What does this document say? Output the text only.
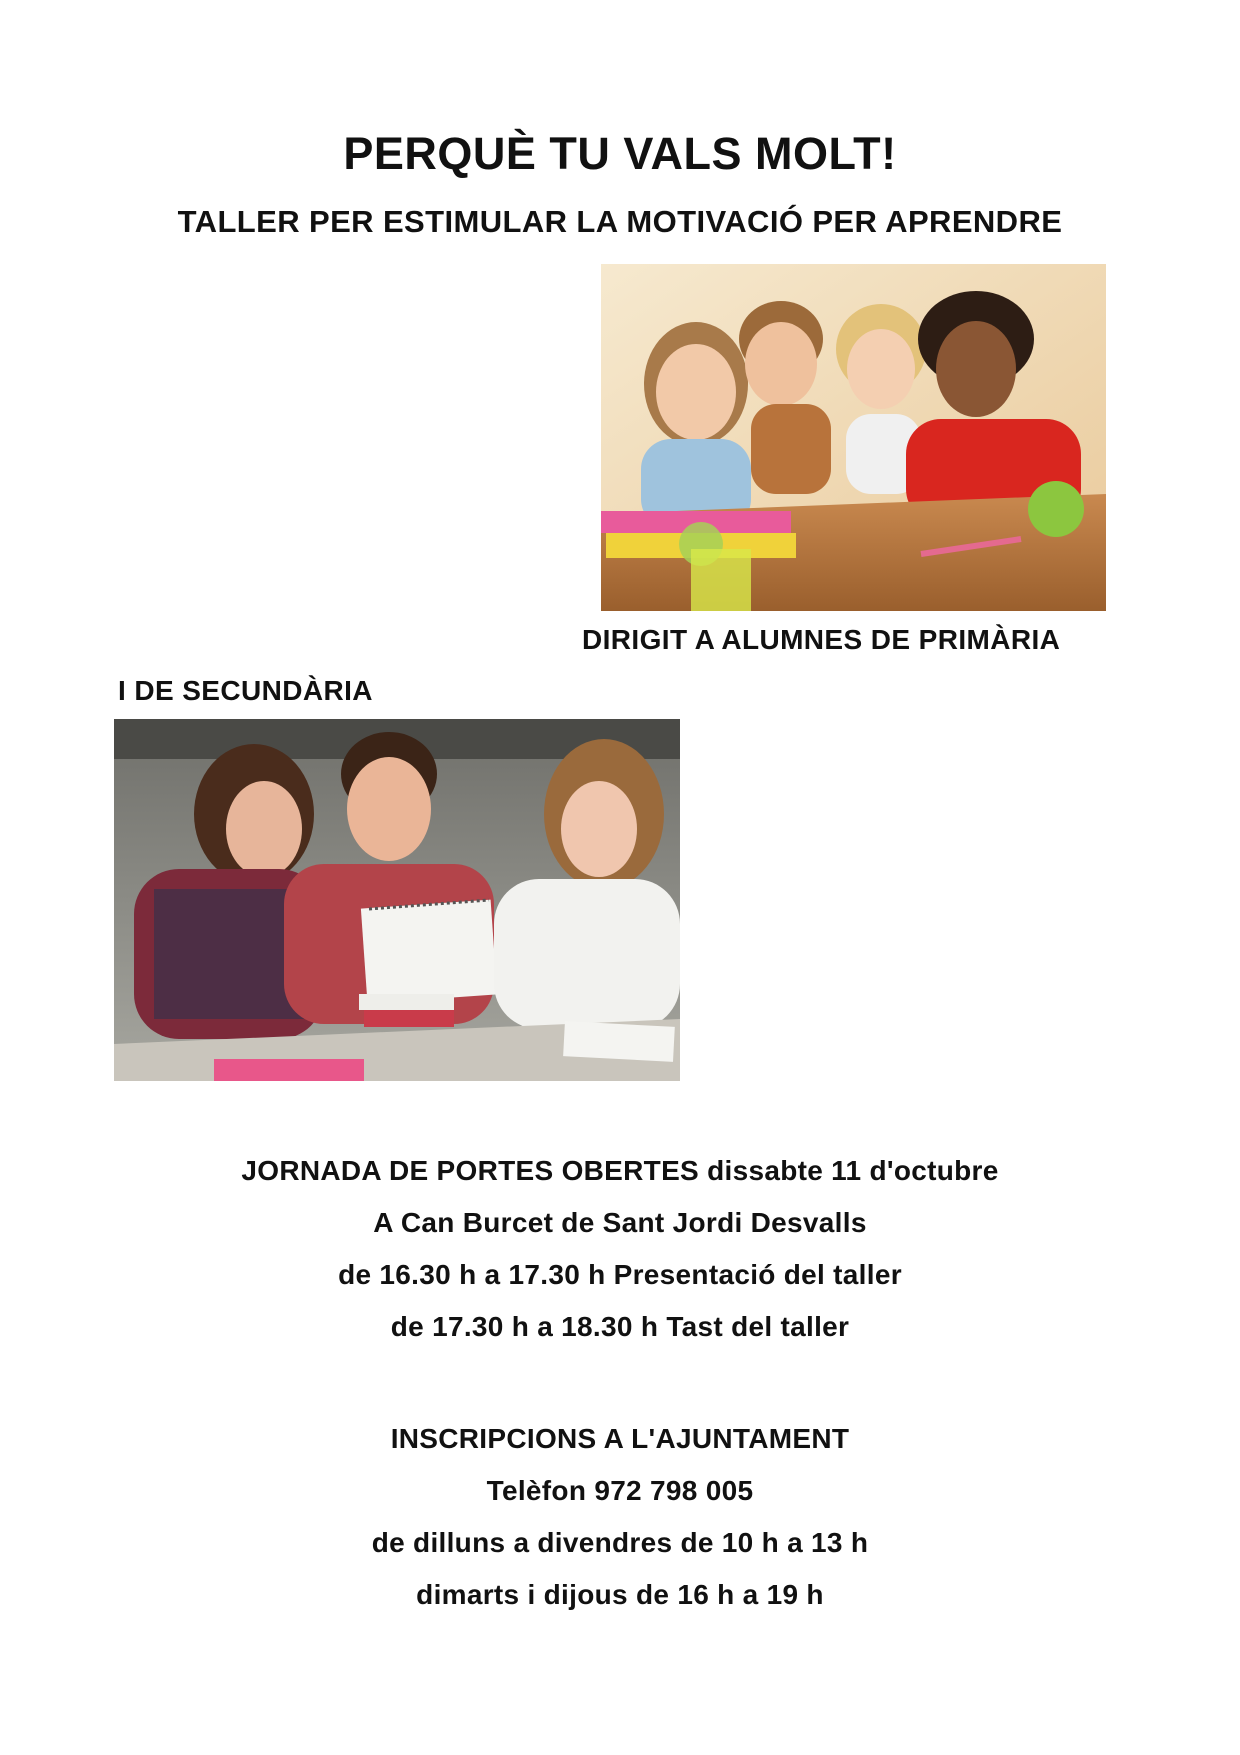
PERQUÈ TU VALS MOLT!
TALLER PER ESTIMULAR LA MOTIVACIÓ PER APRENDRE
DIRIGIT A ALUMNES DE PRIMÀRIA
I DE SECUNDÀRIA
JORNADA DE PORTES OBERTES dissabte 11 d'octubre
A Can Burcet de Sant Jordi Desvalls
de 16.30 h a 17.30 h Presentació del taller
de 17.30 h a 18.30 h Tast del taller
INSCRIPCIONS A L'AJUNTAMENT
Telèfon 972 798 005
de dilluns a divendres de 10 h a 13 h
dimarts i dijous de 16 h a 19 h
